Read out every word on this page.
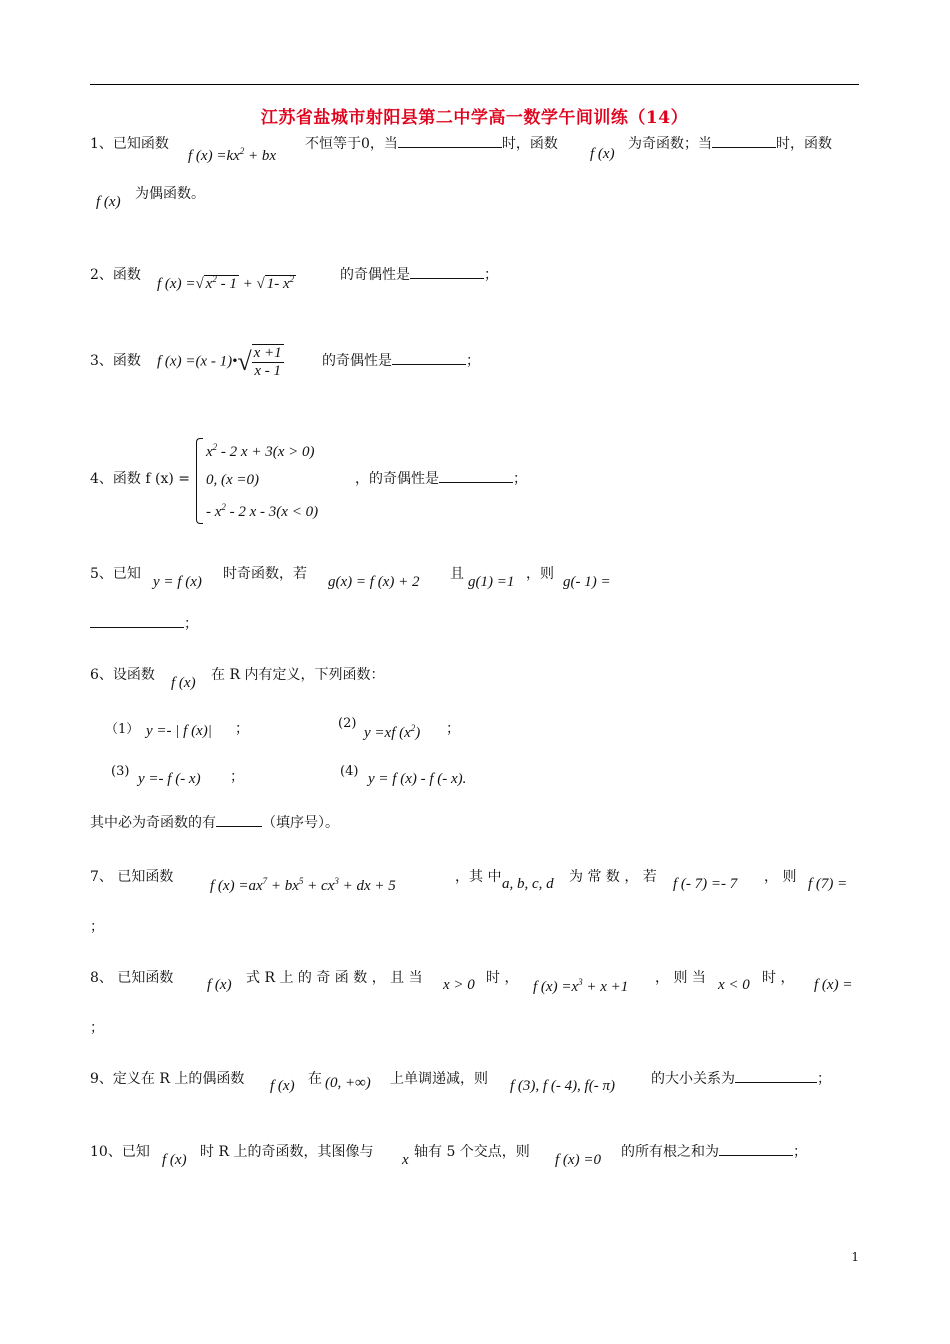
江苏省盐城市射阳县第二中学高一数学午间训练（14）
1、已知函数
f $(x) =kx^2$ + bx
不恒等于0，当	时，函数
f (x)
为奇函数；当	时，函数
f (x) 为偶函数。
2、函数
f (x) =√ $x^2 - 1$ + √ 1- $x^2$	的奇偶性是	；
3、函数 f (x) =(x - 1)•√ $\frac{x +1}{x - 1}$	的奇偶性是	；
4、函数 f (x) =
$x^2 - 2$ x + 3(x > 0)
0, (x =0)
- $x^2 - 2$ x - 3(x < 0)
，的奇偶性是	；
5、已知 y = f (x) 时奇函数，若 g(x) = f (x) + 2 且 g(1) =1 ，则 g(- 1) =
；
6、设函数 f (x) 在 R 内有定义，下列函数：
（1） y =- | f (x)| ；	(2)
y =xf $(x^2)$ ；
(3) y =- f (- x) ；	(4) y = f (x) - f (- x).
其中必为奇函数的有	（填序号）。
7、 已知函数
f $(x) =ax^7 + bx^5 + cx^3$ + dx + 5
，其 中 a, b, c, d 为 常 数 ， 若 f (- 7) =- 7 ， 则 f (7) =
；
8、 已知函数 f (x) 式 R 上 的 奇 函 数 ， 且 当 x > 0 时 ，
f $(x) =x^3 + x +1$
， 则 当 x < 0 时 ， f (x) =
；
9、定义在 R 上的偶函数 f (x) 在 (0, +∞) 上单调递减，则 f (3), f (- 4), f(- π)	的大小关系为	；
10、已知 f (x) 时 R 上的奇函数，其图像与 x 轴有 5 个交点，则 f (x) =0 的所有根之和为	；
1
